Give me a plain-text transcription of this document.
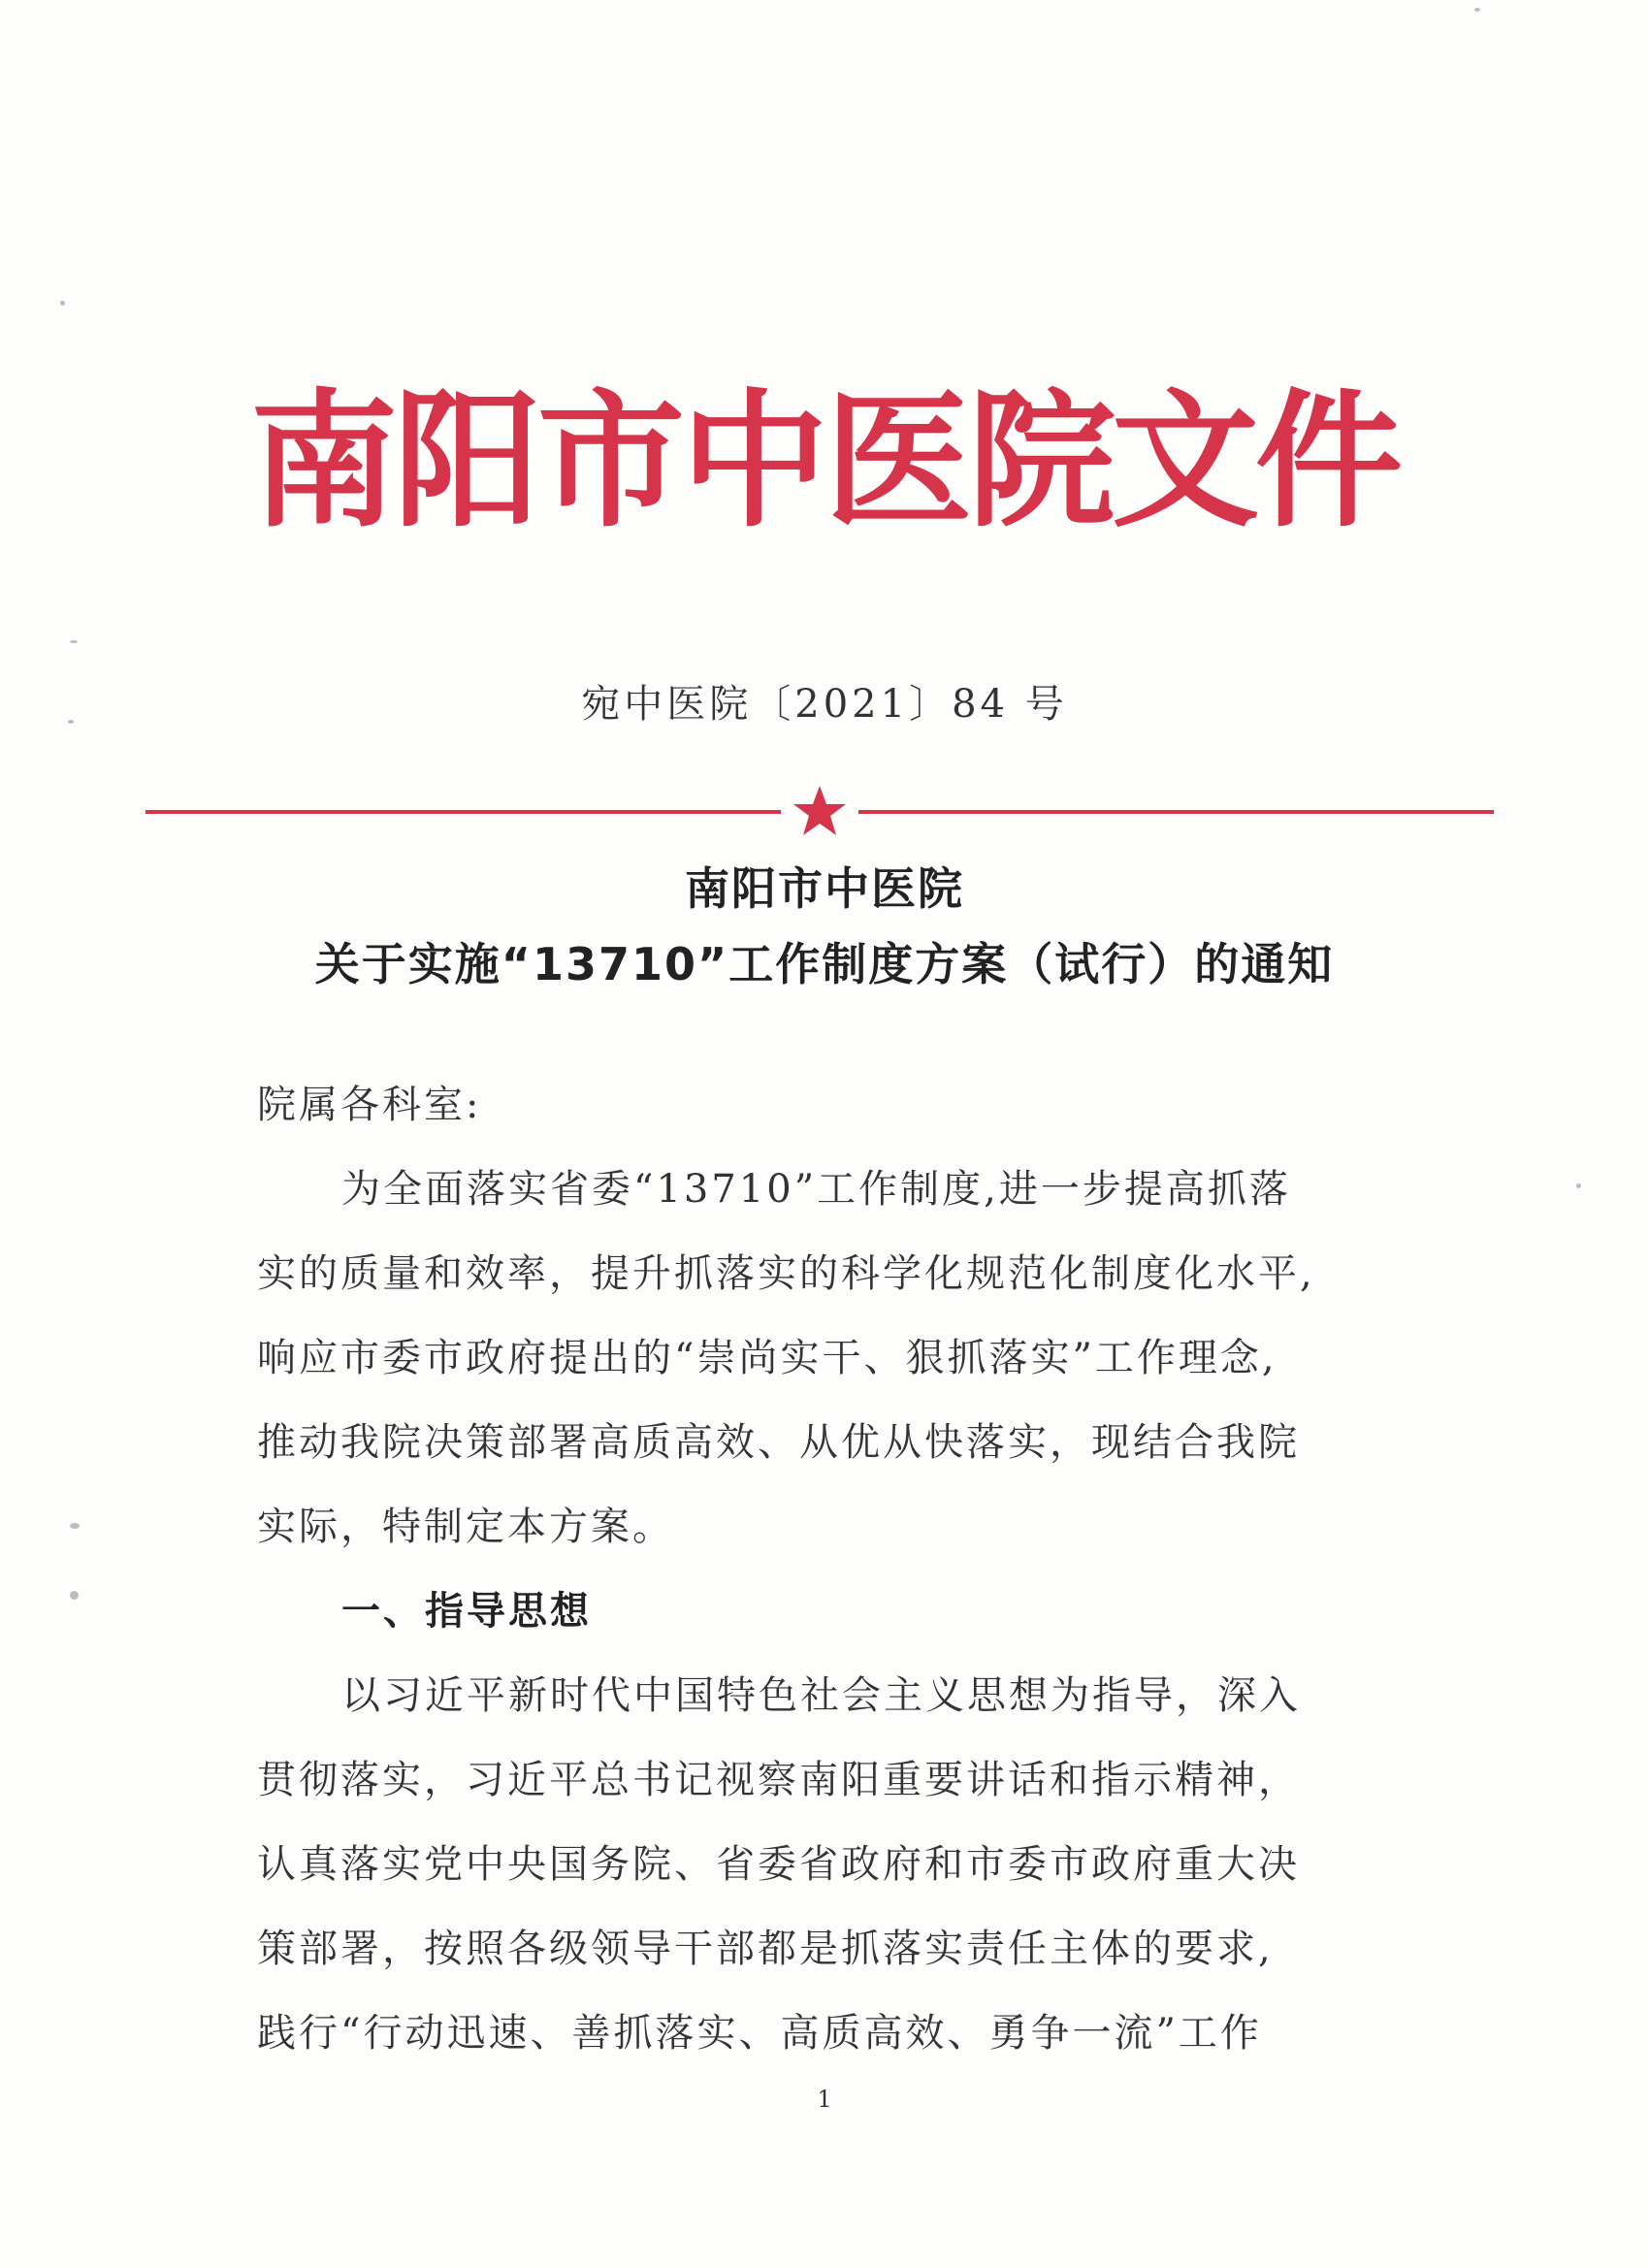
南阳市中医院文件
宛中医院〔2021〕84 号
南阳市中医院
关于实施“13710”工作制度方案（试行）的通知
院属各科室:
为全面落实省委“13710”工作制度,进一步提高抓落
实的质量和效率，提升抓落实的科学化规范化制度化水平,
响应市委市政府提出的“崇尚实干、狠抓落实”工作理念,
推动我院决策部署高质高效、从优从快落实，现结合我院
实际，特制定本方案。
一、指导思想
以习近平新时代中国特色社会主义思想为指导，深入
贯彻落实，习近平总书记视察南阳重要讲话和指示精神，
认真落实党中央国务院、省委省政府和市委市政府重大决
策部署，按照各级领导干部都是抓落实责任主体的要求,
践行“行动迅速、善抓落实、高质高效、勇争一流”工作
1
